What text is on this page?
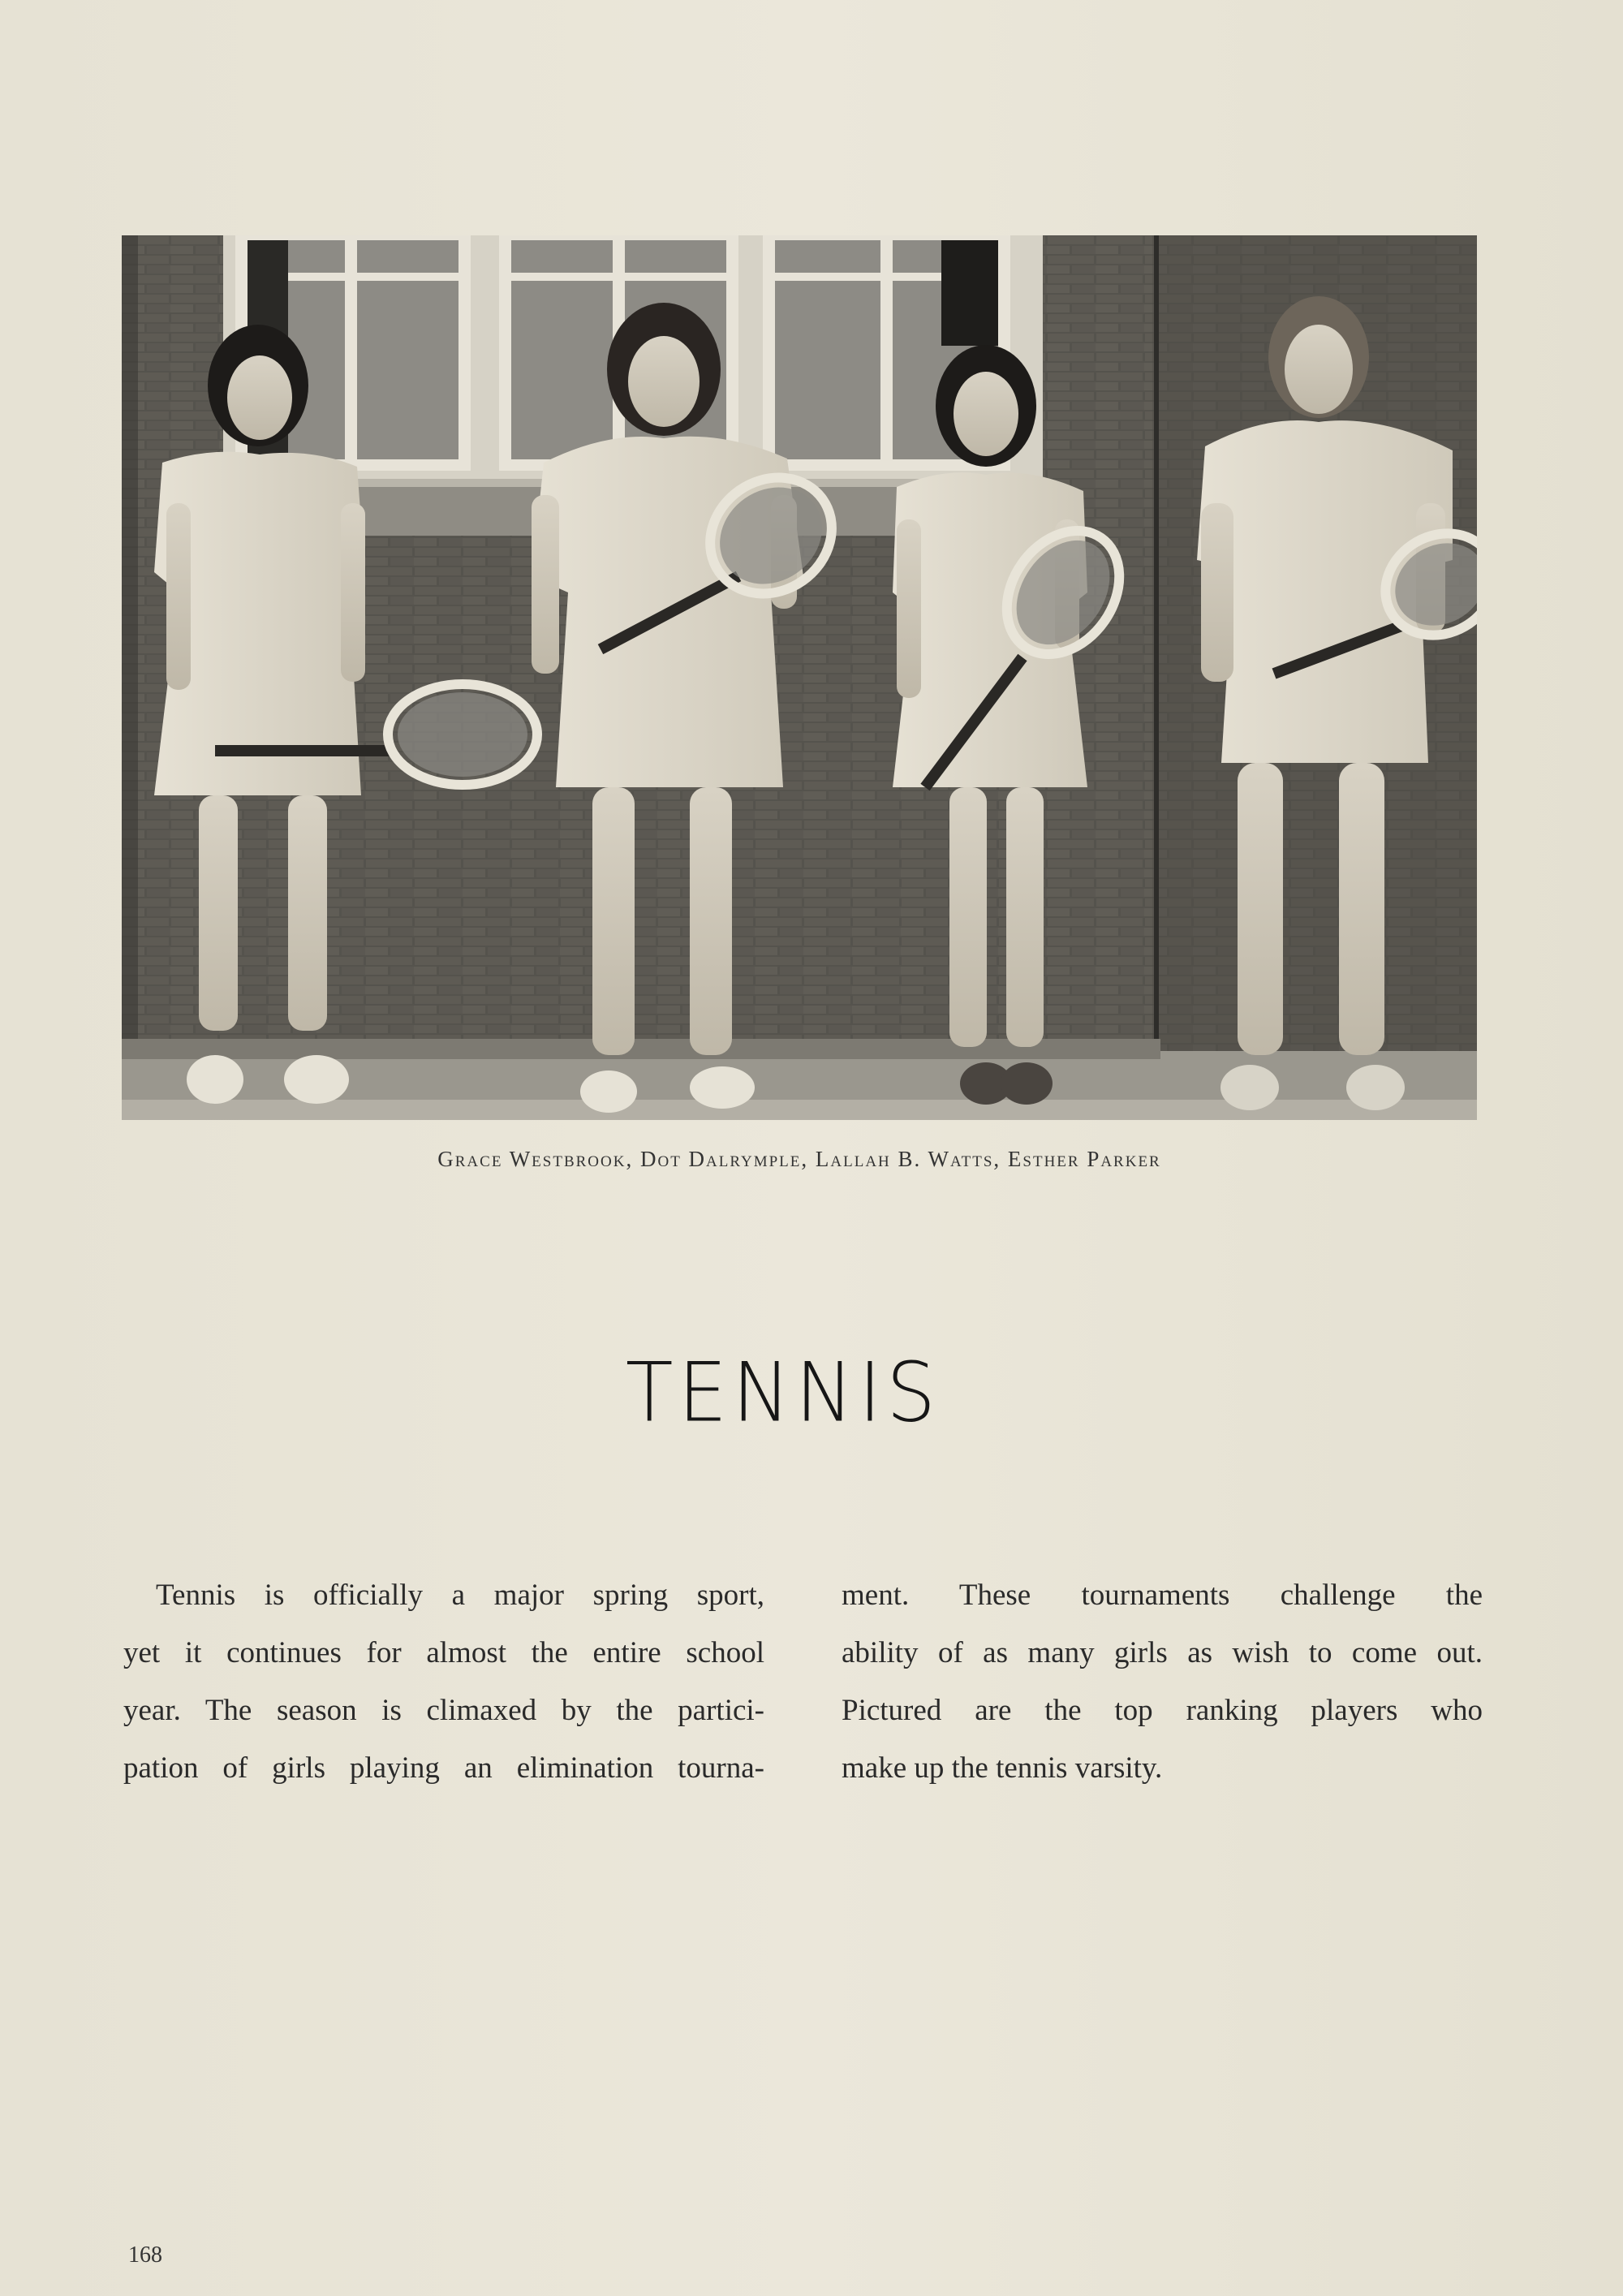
Grace Westbrook, Dot Dalrymple, Lallah B. Watts, Esther Parker
TENNIS
Tennis is officially a major spring sport,
yet it continues for almost the entire school
year. The season is climaxed by the partici-
pation of girls playing an elimination tourna-
ment. These tournaments challenge the
ability of as many girls as wish to come out.
Pictured are the top ranking players who
make up the tennis varsity.
168
